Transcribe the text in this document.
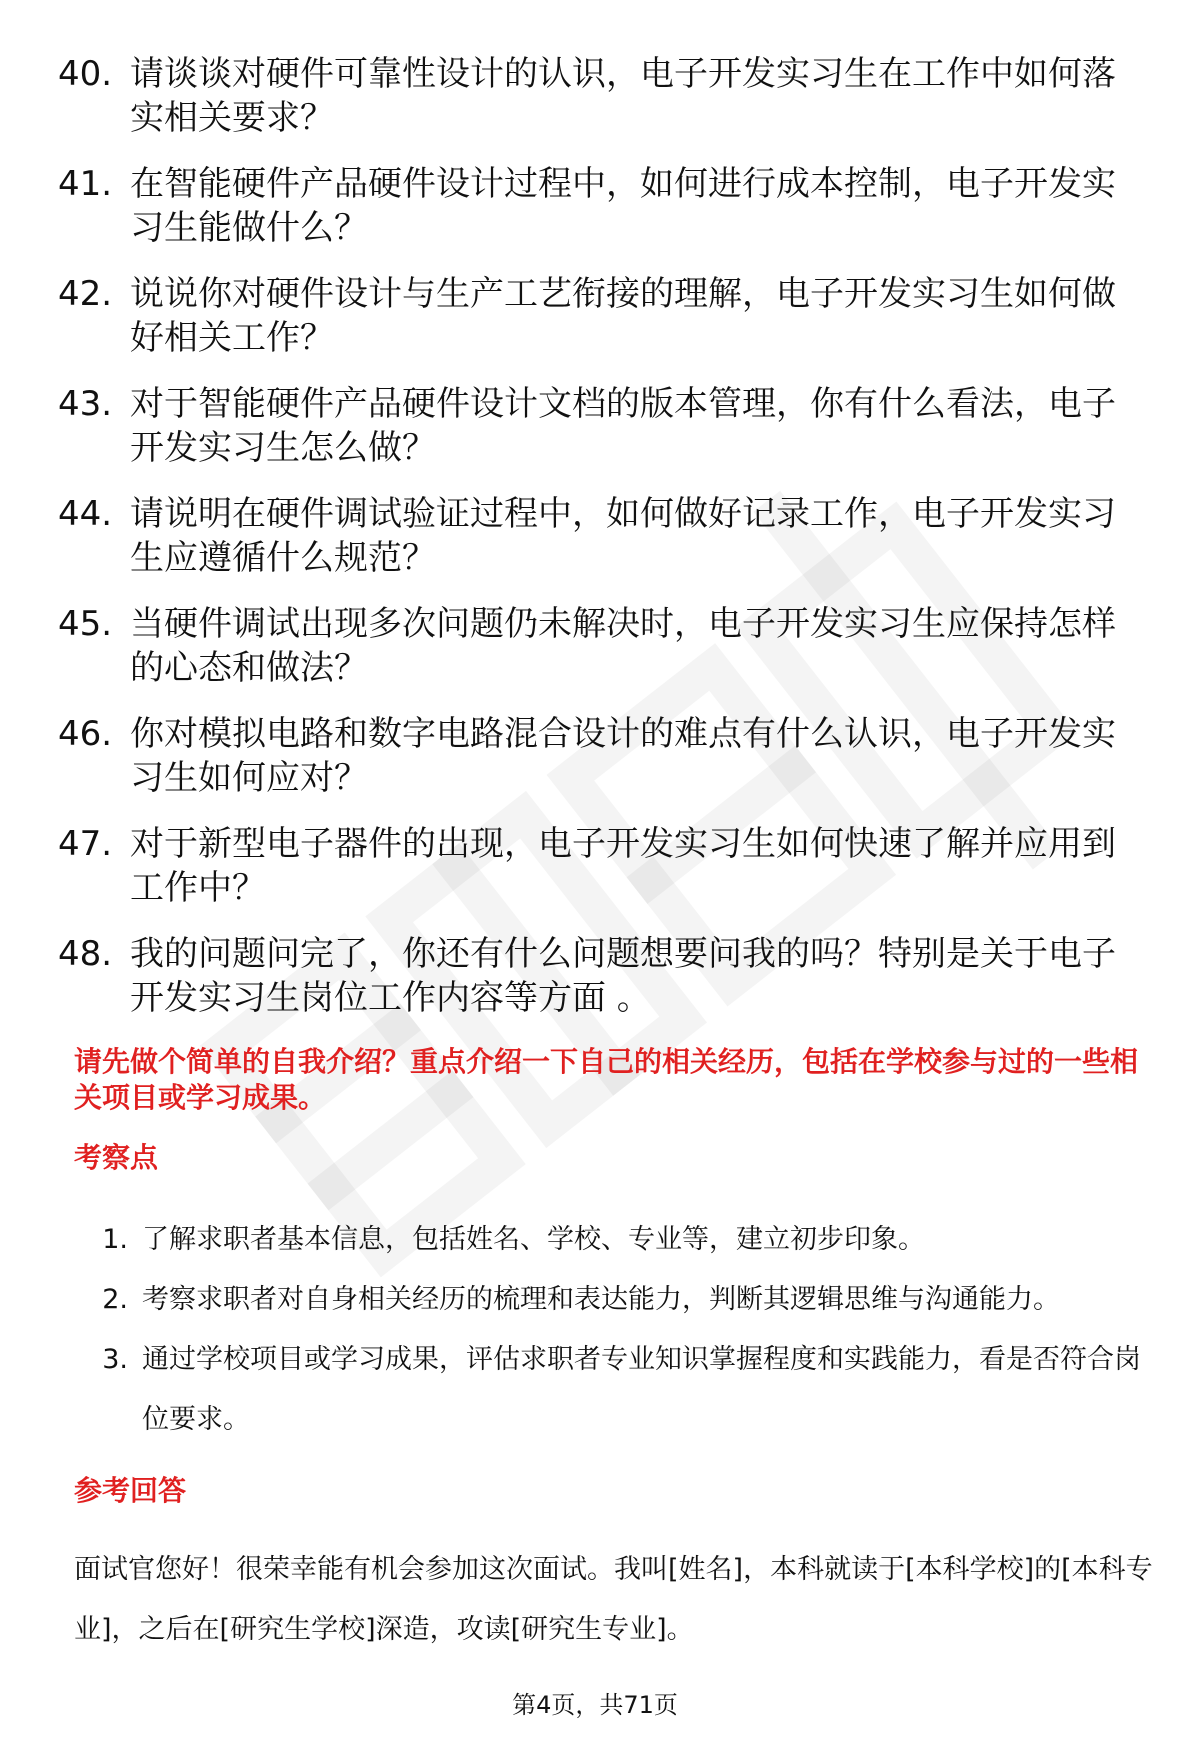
40. 请谈谈对硬件可靠性设计的认识，电子开发实习生在工作中如何落实相关要求？
41. 在智能硬件产品硬件设计过程中，如何进行成本控制，电子开发实习生能做什么？
42. 说说你对硬件设计与生产工艺衔接的理解，电子开发实习生如何做好相关工作？
43. 对于智能硬件产品硬件设计文档的版本管理，你有什么看法，电子开发实习生怎么做？
44. 请说明在硬件调试验证过程中，如何做好记录工作，电子开发实习生应遵循什么规范？
45. 当硬件调试出现多次问题仍未解决时，电子开发实习生应保持怎样的心态和做法？
46. 你对模拟电路和数字电路混合设计的难点有什么认识，电子开发实习生如何应对？
47. 对于新型电子器件的出现，电子开发实习生如何快速了解并应用到工作中？
48. 我的问题问完了，你还有什么问题想要问我的吗？特别是关于电子开发实习生岗位工作内容等方面 。
请先做个简单的自我介绍？重点介绍一下自己的相关经历，包括在学校参与过的一些相关项目或学习成果。
考察点
1. 了解求职者基本信息，包括姓名、学校、专业等，建立初步印象。
2. 考察求职者对自身相关经历的梳理和表达能力，判断其逻辑思维与沟通能力。
3. 通过学校项目或学习成果，评估求职者专业知识掌握程度和实践能力，看是否符合岗位要求。
参考回答
面试官您好！很荣幸能有机会参加这次面试。我叫[姓名]，本科就读于[本科学校]的[本科专业]，之后在[研究生学校]深造，攻读[研究生专业]。
第4页，共71页
